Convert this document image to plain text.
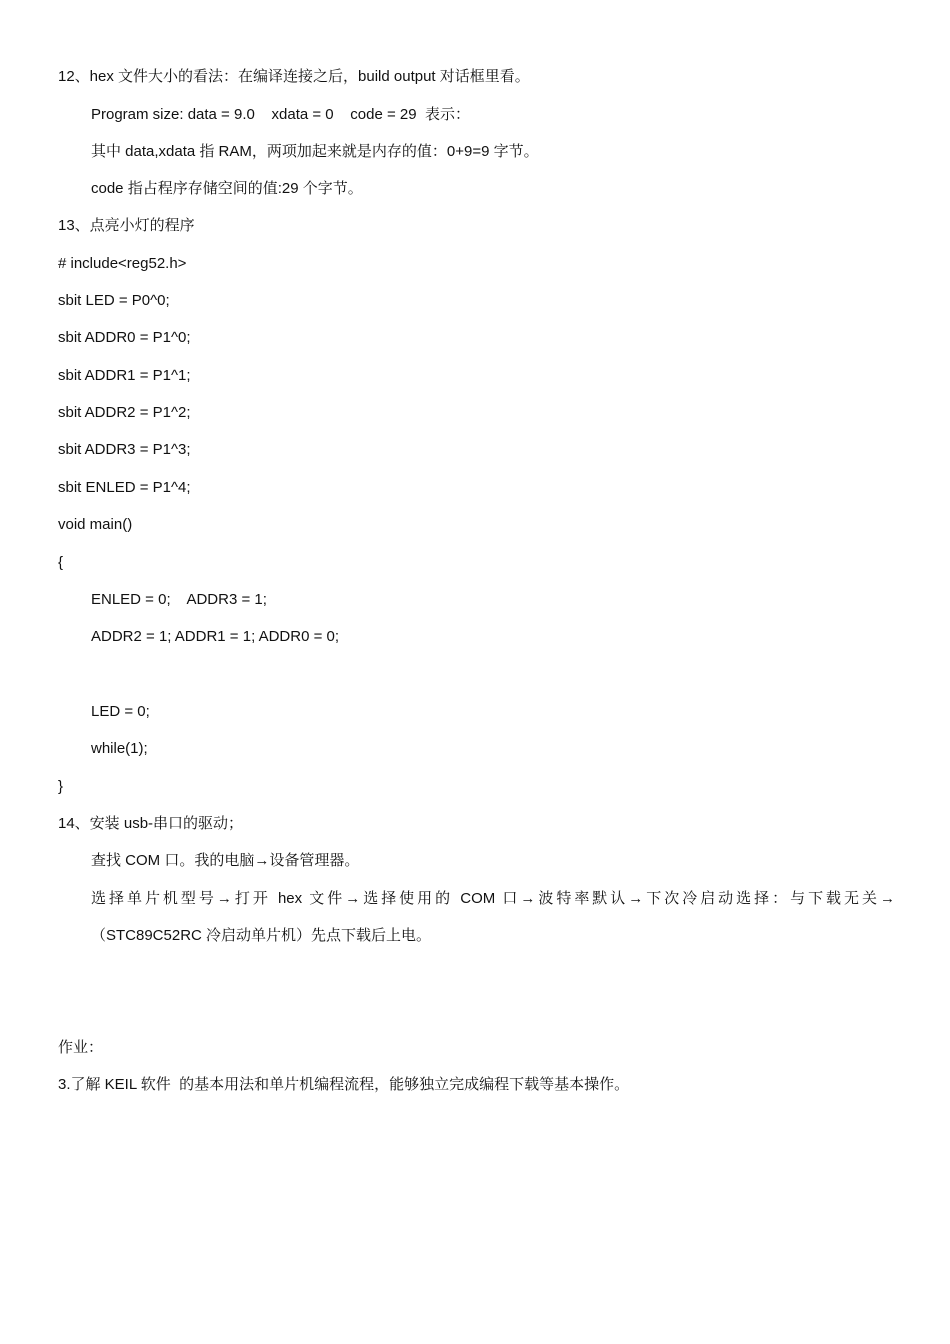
12、hex 文件大小的看法：在编译连接之后，build output 对话框里看。
Program size: data = 9.0    xdata = 0    code = 29  表示：
其中 data,xdata 指 RAM，两项加起来就是内存的值：0+9=9 字节。
code 指占程序存储空间的值:29 个字节。
13、点亮小灯的程序
# include<reg52.h>
sbit LED = P0^0;
sbit ADDR0 = P1^0;
sbit ADDR1 = P1^1;
sbit ADDR2 = P1^2;
sbit ADDR3 = P1^3;
sbit ENLED = P1^4;
void main()
{
ENLED = 0;    ADDR3 = 1;
ADDR2 = 1; ADDR1 = 1; ADDR0 = 0;
LED = 0;
while(1);
}
14、安装 usb-串口的驱动；
查找 COM 口。我的电脑→设备管理器。
选择单片机型号→打开 hex 文件→选择使用的 COM 口→波特率默认→下次冷启动选择：与下载无关→
（STC89C52RC 冷启动单片机）先点下载后上电。
作业：
3.了解 KEIL 软件  的基本用法和单片机编程流程，能够独立完成编程下载等基本操作。
